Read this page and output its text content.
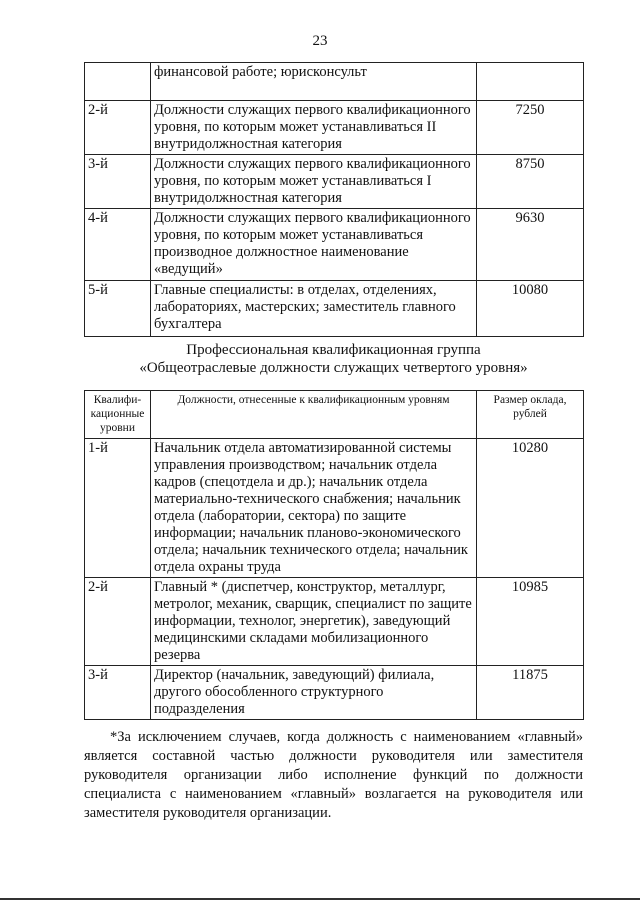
23
	финансовой работе; юрисконсульт	
2-й	Должности служащих первого квалификационного уровня, по которым может устанавливаться II внутридолжностная категория	7250
3-й	Должности служащих первого квалификационного уровня, по которым может устанавливаться I внутридолжностная категория	8750
4-й	Должности служащих первого квалификационного уровня, по которым может устанавливаться производное должностное наименование «ведущий»	9630
5-й	Главные специалисты: в отделах, отделениях, лабораториях, мастерских; заместитель главного бухгалтера	10080
Профессиональная квалификационная группа
«Общеотраслевые должности служащих четвертого уровня»
Квалифи-кационные уровни	Должности, отнесенные к квалификационным уровням	Размер оклада, рублей
1-й	Начальник отдела автоматизированной системы управления производством; начальник отдела кадров (спецотдела и др.); начальник отдела материально-технического снабжения; начальник отдела (лаборатории, сектора) по защите информации; начальник планово-экономического отдела; начальник технического отдела; начальник отдела охраны труда	10280
2-й	Главный * (диспетчер, конструктор, металлург, метролог, механик, сварщик, специалист по защите информации, технолог, энергетик), заведующий медицинскими складами мобилизационного резерва	10985
3-й	Директор (начальник, заведующий) филиала, другого обособленного структурного подразделения	11875

*За исключением случаев, когда должность с наименованием «главный» является составной частью должности руководителя или заместителя руководителя организации либо исполнение функций по должности специалиста с наименованием «главный» возлагается на руководителя или заместителя руководителя организации.
